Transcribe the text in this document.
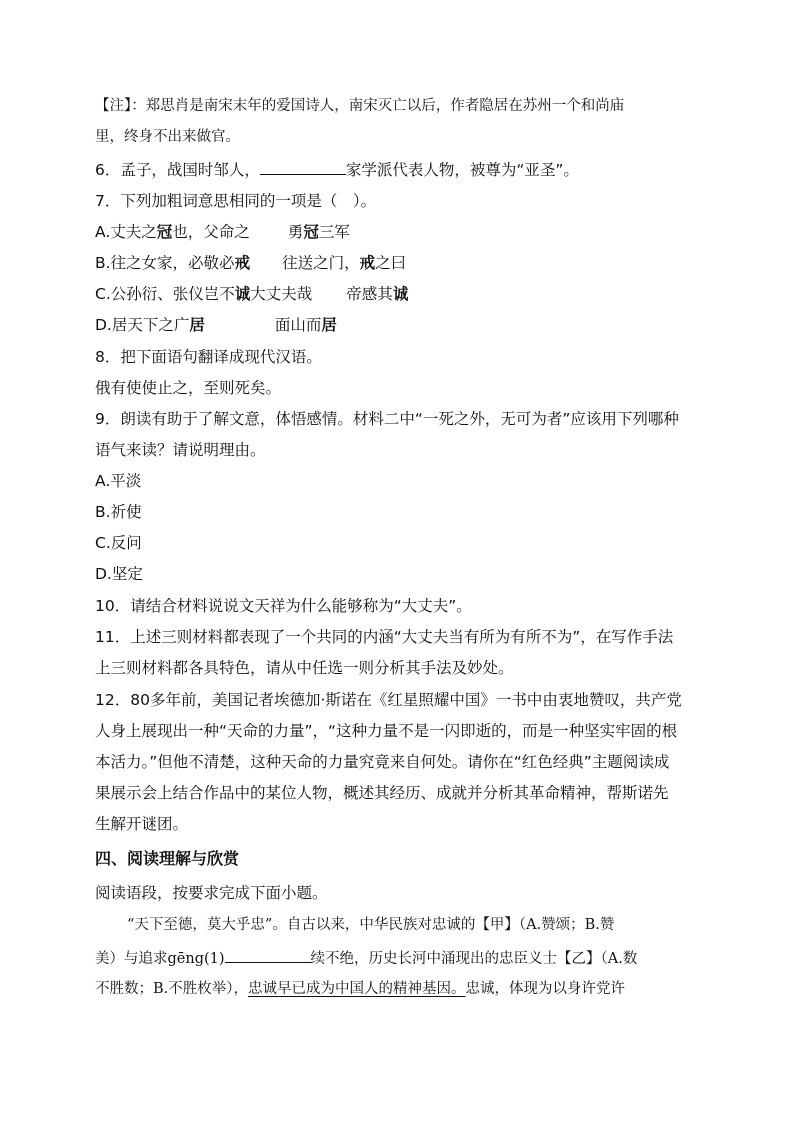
【注】：郑思肖是南宋末年的爱国诗人，南宋灭亡以后，作者隐居在苏州一个和尚庙
里，终身不出来做官。
6．孟子，战国时邹人，	家学派代表人物，被尊为“亚圣”。
7．下列加粗词意思相同的一项是（　）。
A.丈夫之冠也，父命之 勇冠三军
B.往之女家，必敬必戒 往送之门，戒之曰
C.公孙衍、张仪岂不诚大丈夫哉 帝感其诚
D.居天下之广居	面山而居
8．把下面语句翻译成现代汉语。
俄有使使止之，至则死矣。
9．朗读有助于了解文意，体悟感情。材料二中“一死之外，无可为者”应该用下列哪种
语气来读？请说明理由。
A.平淡
B.祈使
C.反问
D.坚定
10．请结合材料说说文天祥为什么能够称为“大丈夫”。
11．上述三则材料都表现了一个共同的内涵“大丈夫当有所为有所不为”，在写作手法
上三则材料都各具特色，请从中任选一则分析其手法及妙处。
12．80多年前，美国记者埃德加·斯诺在《红星照耀中国》一书中由衷地赞叹，共产党
人身上展现出一种“天命的力量”，“这种力量不是一闪即逝的，而是一种坚实牢固的根
本活力。”但他不清楚，这种天命的力量究竟来自何处。请你在“红色经典”主题阅读成
果展示会上结合作品中的某位人物，概述其经历、成就并分析其革命精神，帮斯诺先
生解开谜团。
四、阅读理解与欣赏
阅读语段，按要求完成下面小题。
“天下至德，莫大乎忠”。自古以来，中华民族对忠诚的【甲】（A.赞颂；B.赞
美）与追求gēng(1)	续不绝，历史长河中涌现出的忠臣义士【乙】（A.数
不胜数；B.不胜枚举），忠诚早已成为中国人的精神基因。忠诚，体现为以身许党许
